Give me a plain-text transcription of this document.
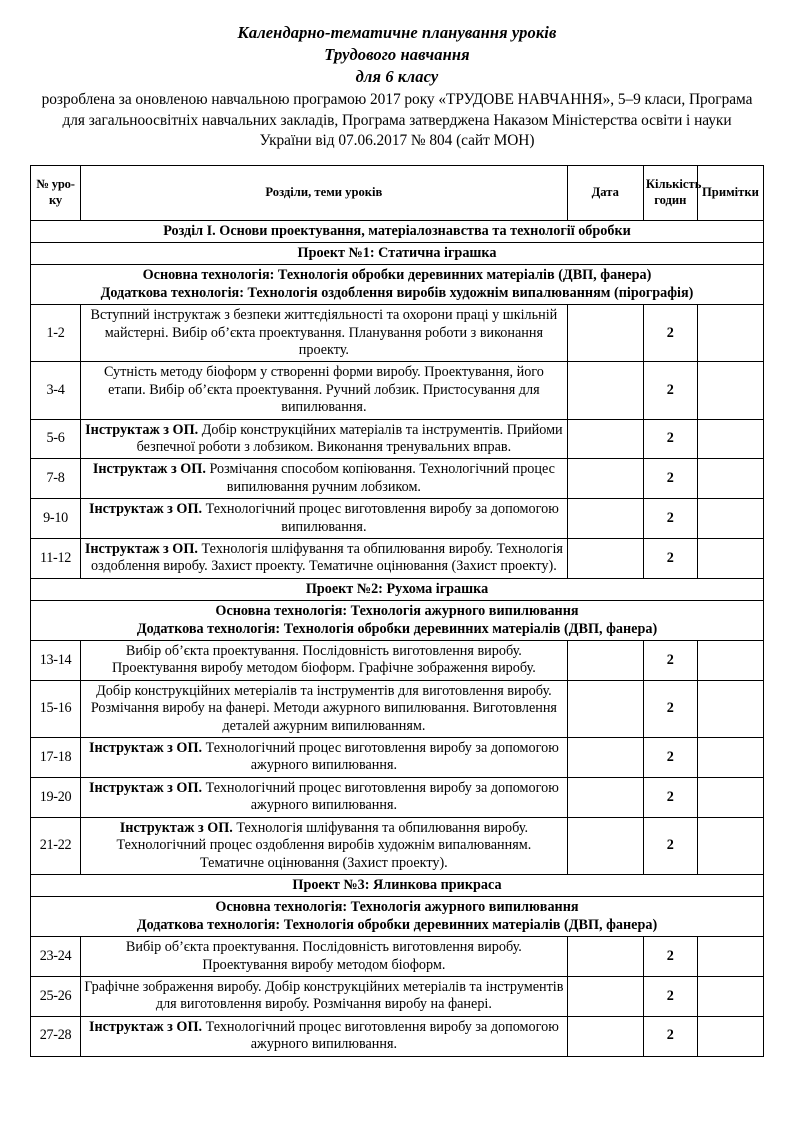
Календарно-тематичне планування уроків
Трудового навчання
для 6 класу
розроблена за оновленою навчальною програмою 2017 року «ТРУДОВЕ НАВЧАННЯ», 5–9 класи, Програма
для загальноосвітніх навчальних закладів, Програма затверджена Наказом Міністерства освіти і науки
України від 07.06.2017 № 804 (сайт МОН)
№ уро-ку	Розділи, теми уроків	Дата	Кількість годин	Примітки
Розділ I. Основи проектування, матеріалознавства та технології обробки				
Проект №1: Статична іграшка				

Основна технологія: Технологія обробки деревинних матеріалів (ДВП, фанера)
Додаткова технологія: Технологія оздоблення виробів художнім випалюванням (пірографія)				

1-2	Вступний інструктаж з безпеки життєдіяльності та охорони праці у шкільній майстерні. Вибір об’єкта проектування. Планування роботи з виконання проекту.		2	
3-4	Сутність методу біоформ у створенні форми виробу. Проектування, його етапи. Вибір об’єкта проектування. Ручний лобзик. Пристосування для випилювання.		2	
5-6	Інструктаж з ОП. Добір конструкційних матеріалів та інструментів. Прийоми безпечної роботи з лобзиком. Виконання тренувальних вправ.		2	
7-8	Інструктаж з ОП. Розмічання способом копіювання. Технологічний процес випилювання ручним лобзиком.		2	
9-10	Інструктаж з ОП. Технологічний процес виготовлення виробу за допомогою випилювання.		2	
11-12	Інструктаж з ОП. Технологія шліфування та обпилювання виробу. Технологія оздоблення виробу. Захист проекту. Тематичне оцінювання (Захист проекту).		2	
Проект №2: Рухома іграшка				

Основна технологія: Технологія ажурного випилювання
Додаткова технологія: Технологія обробки деревинних матеріалів (ДВП, фанера)				

13-14	Вибір об’єкта проектування. Послідовність виготовлення виробу. Проектування виробу методом біоформ. Графічне зображення виробу.		2	
15-16	Добір конструкційних метеріалів та інструментів для виготовлення виробу. Розмічання виробу на фанері. Методи ажурного випилювання. Виготовлення деталей ажурним випилюванням.		2	
17-18	Інструктаж з ОП. Технологічний процес виготовлення виробу за допомогою ажурного випилювання.		2	
19-20	Інструктаж з ОП. Технологічний процес виготовлення виробу за допомогою ажурного випилювання.		2	
21-22	Інструктаж з ОП. Технологія шліфування та обпилювання виробу. Технологічний процес оздоблення виробів художнім випалюванням. Тематичне оцінювання (Захист проекту).		2	
Проект №3: Ялинкова прикраса				

Основна технологія: Технологія ажурного випилювання
Додаткова технологія: Технологія обробки деревинних матеріалів (ДВП, фанера)				

23-24	Вибір об’єкта проектування. Послідовність виготовлення виробу. Проектування виробу методом біоформ.		2	
25-26	Графічне зображення виробу. Добір конструкційних метеріалів та інструментів для виготовлення виробу. Розмічання виробу на фанері.		2	
27-28	Інструктаж з ОП. Технологічний процес виготовлення виробу за допомогою ажурного випилювання.		2	
